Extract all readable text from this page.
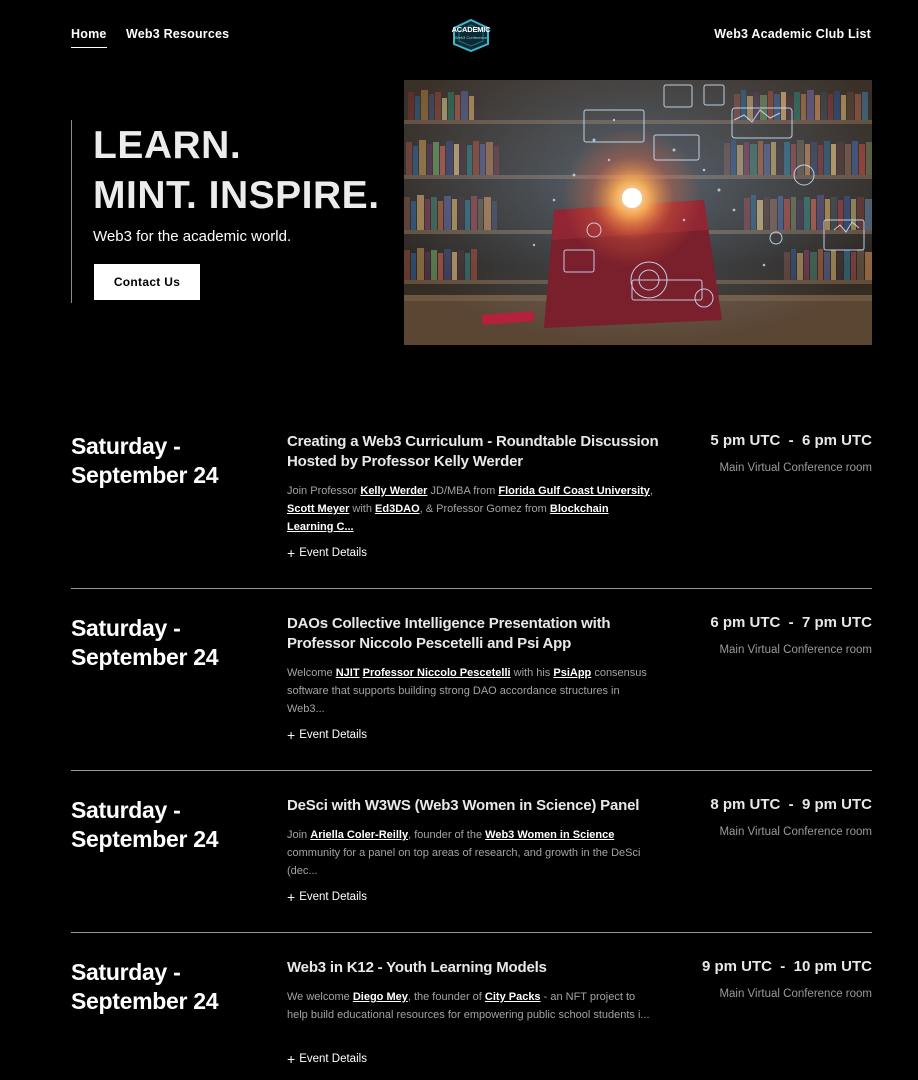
Home Web3 Resources	ACADEMIC
Web3 Conference	Web3 Academic Club List
LEARN.
MINT. INSPIRE.
Web3 for the academic world.
Contact Us
Saturday -
September 24
Creating a Web3 Curriculum - Roundtable Discussion Hosted by Professor Kelly Werder
Join Professor Kelly Werder JD/MBA from Florida Gulf Coast University, Scott Meyer with Ed3DAO, & Professor Gomez from Blockchain Learning C...
+ Event Details
5 pm UTC  -  6 pm UTC
Main Virtual Conference room
Saturday -
September 24
DAOs Collective Intelligence Presentation with Professor Niccolo Pescetelli and Psi App
Welcome NJIT Professor Niccolo Pescetelli with his PsiApp consensus software that supports building strong DAO accordance structures in Web3...
+ Event Details
6 pm UTC  -  7 pm UTC
Main Virtual Conference room
Saturday -
September 24
DeSci with W3WS (Web3 Women in Science) Panel
Join Ariella Coler-Reilly, founder of the Web3 Women in Science community for a panel on top areas of research, and growth in the DeSci (dec...
+ Event Details
8 pm UTC  -  9 pm UTC
Main Virtual Conference room
Saturday -
September 24
Web3 in K12 - Youth Learning Models
We welcome Diego Mey, the founder of City Packs - an NFT project to help build educational resources for empowering public school students i...
+ Event Details
9 pm UTC  -  10 pm UTC
Main Virtual Conference room
